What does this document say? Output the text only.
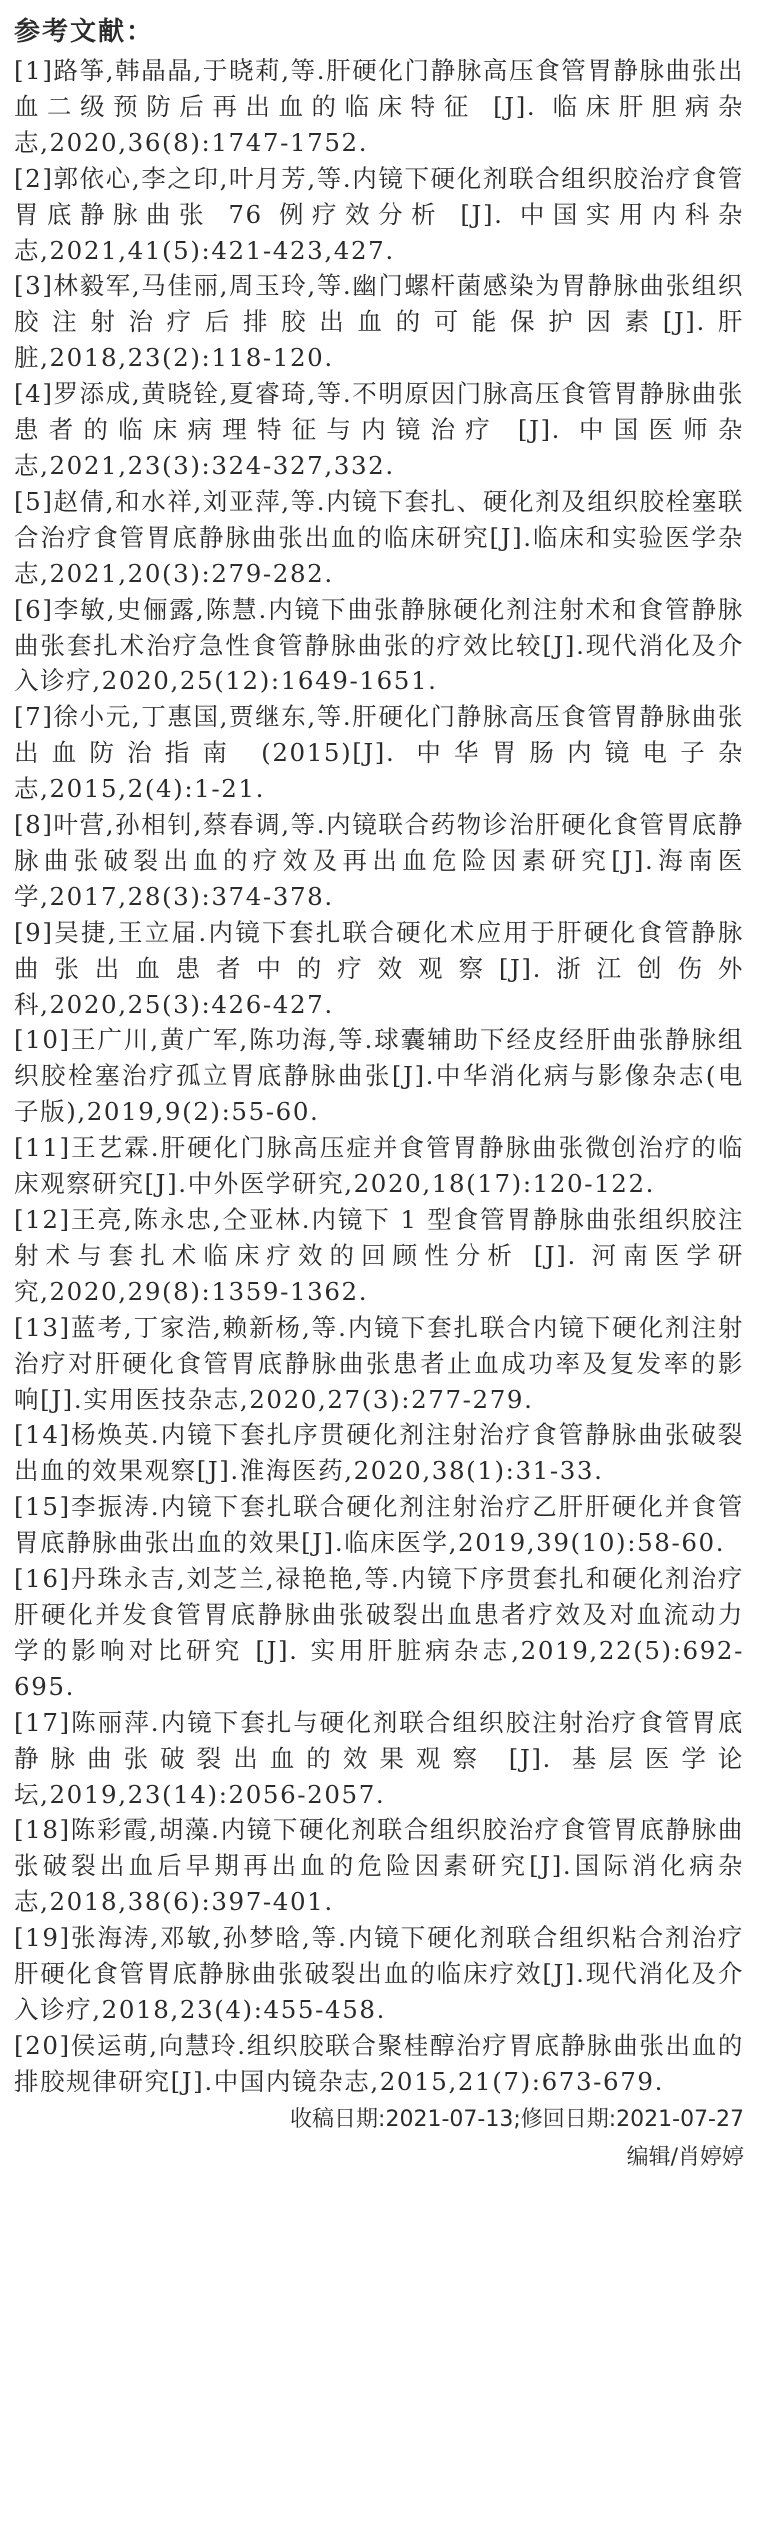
参考文献：
[1]路筝,韩晶晶,于晓莉,等.肝硬化门静脉高压食管胃静脉曲张出血二级预防后再出血的临床特征 [J]. 临床肝胆病杂志,2020,36(8):1747-1752.
[2]郭依心,李之印,叶月芳,等.内镜下硬化剂联合组织胶治疗食管胃底静脉曲张 76 例疗效分析 [J]. 中国实用内科杂志,2021,41(5):421-423,427.
[3]林毅军,马佳丽,周玉玲,等.幽门螺杆菌感染为胃静脉曲张组织胶注射治疗后排胶出血的可能保护因素[J].肝脏,2018,23(2):118-120.
[4]罗添成,黄晓铨,夏睿琦,等.不明原因门脉高压食管胃静脉曲张患者的临床病理特征与内镜治疗 [J]. 中国医师杂志,2021,23(3):324-327,332.
[5]赵倩,和水祥,刘亚萍,等.内镜下套扎、硬化剂及组织胶栓塞联合治疗食管胃底静脉曲张出血的临床研究[J].临床和实验医学杂志,2021,20(3):279-282.
[6]李敏,史俪露,陈慧.内镜下曲张静脉硬化剂注射术和食管静脉曲张套扎术治疗急性食管静脉曲张的疗效比较[J].现代消化及介入诊疗,2020,25(12):1649-1651.
[7]徐小元,丁惠国,贾继东,等.肝硬化门静脉高压食管胃静脉曲张出血防治指南 (2015)[J]. 中华胃肠内镜电子杂志,2015,2(4):1-21.
[8]叶营,孙相钊,蔡春调,等.内镜联合药物诊治肝硬化食管胃底静脉曲张破裂出血的疗效及再出血危险因素研究[J].海南医学,2017,28(3):374-378.
[9]吴捷,王立届.内镜下套扎联合硬化术应用于肝硬化食管静脉曲张出血患者中的疗效观察[J].浙江创伤外科,2020,25(3):426-427.
[10]王广川,黄广军,陈功海,等.球囊辅助下经皮经肝曲张静脉组织胶栓塞治疗孤立胃底静脉曲张[J].中华消化病与影像杂志(电子版),2019,9(2):55-60.
[11]王艺霖.肝硬化门脉高压症并食管胃静脉曲张微创治疗的临床观察研究[J].中外医学研究,2020,18(17):120-122.
[12]王亮,陈永忠,仝亚林.内镜下 1 型食管胃静脉曲张组织胶注射术与套扎术临床疗效的回顾性分析 [J]. 河南医学研究,2020,29(8):1359-1362.
[13]蓝考,丁家浩,赖新杨,等.内镜下套扎联合内镜下硬化剂注射治疗对肝硬化食管胃底静脉曲张患者止血成功率及复发率的影响[J].实用医技杂志,2020,27(3):277-279.
[14]杨焕英.内镜下套扎序贯硬化剂注射治疗食管静脉曲张破裂出血的效果观察[J].淮海医药,2020,38(1):31-33.
[15]李振涛.内镜下套扎联合硬化剂注射治疗乙肝肝硬化并食管胃底静脉曲张出血的效果[J].临床医学,2019,39(10):58-60.
[16]丹珠永吉,刘芝兰,禄艳艳,等.内镜下序贯套扎和硬化剂治疗肝硬化并发食管胃底静脉曲张破裂出血患者疗效及对血流动力学的影响对比研究 [J]. 实用肝脏病杂志,2019,22(5):692-695.
[17]陈丽萍.内镜下套扎与硬化剂联合组织胶注射治疗食管胃底静脉曲张破裂出血的效果观察 [J]. 基层医学论坛,2019,23(14):2056-2057.
[18]陈彩霞,胡藻.内镜下硬化剂联合组织胶治疗食管胃底静脉曲张破裂出血后早期再出血的危险因素研究[J].国际消化病杂志,2018,38(6):397-401.
[19]张海涛,邓敏,孙梦晗,等.内镜下硬化剂联合组织粘合剂治疗肝硬化食管胃底静脉曲张破裂出血的临床疗效[J].现代消化及介入诊疗,2018,23(4):455-458.
[20]侯运萌,向慧玲.组织胶联合聚桂醇治疗胃底静脉曲张出血的排胶规律研究[J].中国内镜杂志,2015,21(7):673-679.
收稿日期:2021-07-13;修回日期:2021-07-27
编辑/肖婷婷
